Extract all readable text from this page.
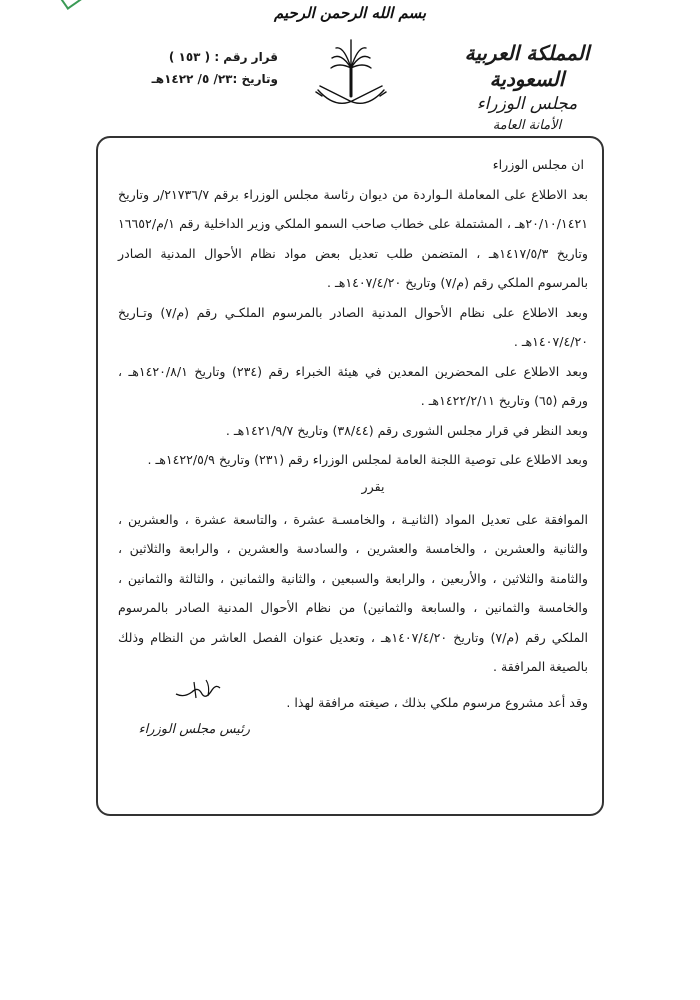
بسم الله الرحمن الرحيم
المملكة العربية السعودية
مجلس الوزراء
الأمانة العامة
قرار رقم : ( ١٥٣ )
وتاريخ :٢٣/ ٥/ ١٤٢٢هـ

ان مجلس الوزراء

بعد الاطلاع على المعاملة الـواردة من ديوان رئاسة مجلس الوزراء برقم ٢١٧٣٦/٧/ر وتاريخ ٢٠/١٠/١٤٢١هـ ، المشتملة على خطاب صاحب السمو الملكي وزير الداخلية رقم ١/م/١٦٦٥٢ وتاريخ ١٤١٧/٥/٣هـ ، المتضمن طلب تعديل بعض مواد نظام الأحوال المدنية الصادر بالمرسوم الملكي رقم (م/٧) وتاريخ ١٤٠٧/٤/٢٠هـ .

وبعد الاطلاع على نظام الأحوال المدنية الصادر بالمرسوم الملكـي رقم (م/٧) وتـاريخ ١٤٠٧/٤/٢٠هـ .

وبعد الاطلاع على المحضرين المعدين في هيئة الخبراء رقم (٢٣٤) وتاريخ ١٤٢٠/٨/١هـ ، ورقم (٦٥) وتاريخ ١٤٢٢/٢/١١هـ .

وبعد النظر في قرار مجلس الشورى رقم (٣٨/٤٤) وتاريخ ١٤٢١/٩/٧هـ .

وبعد الاطلاع على توصية اللجنة العامة لمجلس الوزراء رقم (٢٣١) وتاريخ ١٤٢٢/٥/٩هـ .

يقرر

الموافقة على تعديل المواد (الثانيـة ، والخامسـة عشرة ، والتاسعة عشرة ، والعشرين ، والثانية والعشرين ، والخامسة والعشرين ، والسادسة والعشرين ، والرابعة والثلاثين ، والثامنة والثلاثين ، والأربعين ، والرابعة والسبعين ، والثانية والثمانين ، والثالثة والثمانين ، والخامسة والثمانين ، والسابعة والثمانين) من نظام الأحوال المدنية الصادر بالمرسوم الملكي رقم (م/٧) وتاريخ ١٤٠٧/٤/٢٠هـ ، وتعديل عنوان الفصل العاشر من النظام وذلك بالصيغة المرافقة .

وقد أعد مشروع مرسوم ملكي بذلك ، صيغته مرافقة لهذا .

رئيس مجلس الوزراء
